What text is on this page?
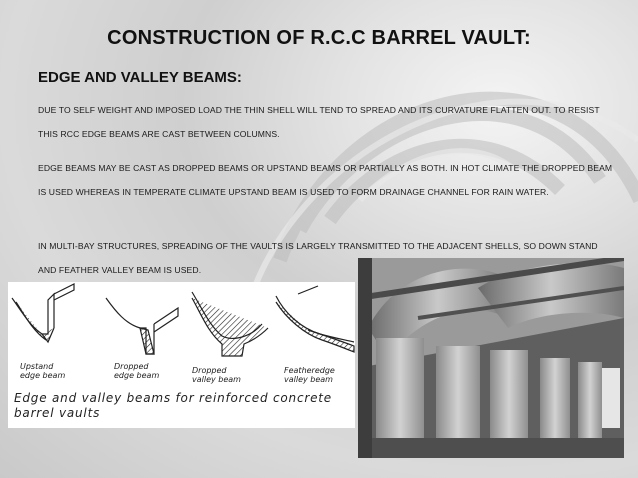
CONSTRUCTION OF R.C.C BARREL VAULT:
EDGE AND VALLEY BEAMS:
DUE TO SELF WEIGHT AND IMPOSED LOAD THE THIN SHELL WILL TEND TO SPREAD AND ITS CURVATURE FLATTEN OUT. TO RESIST THIS RCC EDGE BEAMS ARE CAST BETWEEN COLUMNS.
EDGE BEAMS MAY BE CAST AS DROPPED BEAMS OR UPSTAND BEAMS OR PARTIALLY AS BOTH. IN HOT CLIMATE THE DROPPED BEAM IS USED WHEREAS IN TEMPERATE CLIMATE UPSTAND BEAM IS USED TO FORM DRAINAGE CHANNEL FOR RAIN WATER.
IN MULTI-BAY STRUCTURES, SPREADING OF THE VAULTS IS LARGELY TRANSMITTED TO THE ADJACENT SHELLS, SO DOWN STAND AND FEATHER VALLEY BEAM IS USED.
Upstand
edge beam
Dropped
edge beam
Dropped
valley beam
Featheredge
valley beam
Edge and valley beams for reinforced concrete barrel vaults
